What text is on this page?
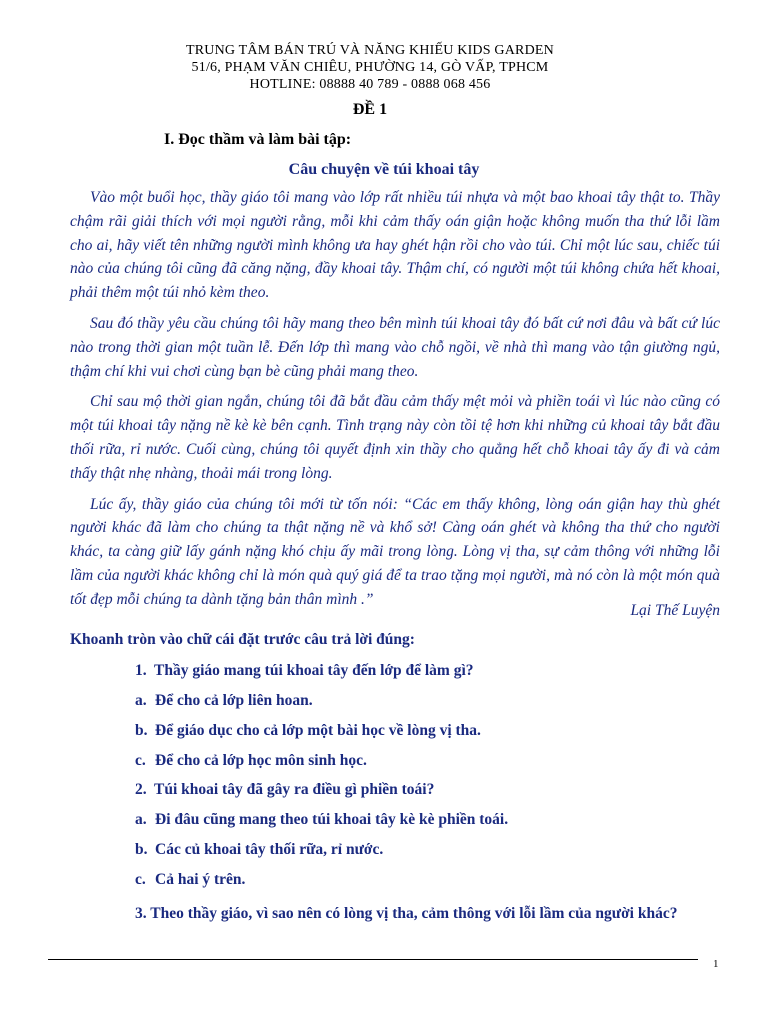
TRUNG TÂM BÁN TRÚ VÀ NĂNG KHIẾU KIDS GARDEN
51/6, PHẠM VĂN CHIÊU, PHƯỜNG 14, GÒ VẤP, TPHCM
HOTLINE: 08888 40 789 - 0888 068 456
ĐỀ 1
I. Đọc thầm và làm bài tập:
Câu chuyện về túi khoai tây

Vào một buổi học, thầy giáo tôi mang vào lớp rất nhiều túi nhựa và một bao khoai tây thật to. Thầy chậm rãi giải thích với mọi người rằng, mỗi khi cảm thấy oán giận hoặc không muốn tha thứ lỗi lầm cho ai, hãy viết tên những người mình không ưa hay ghét hận rồi cho vào túi. Chỉ một lúc sau, chiếc túi nào của chúng tôi cũng đã căng nặng, đầy khoai tây. Thậm chí, có người một túi không chứa hết khoai, phải thêm một túi nhỏ kèm theo.

Sau đó thầy yêu cầu chúng tôi hãy mang theo bên mình túi khoai tây đó bất cứ nơi đâu và bất cứ lúc nào trong thời gian một tuần lễ. Đến lớp thì mang vào chỗ ngồi, về nhà thì mang vào tận giường ngủ, thậm chí khi vui chơi cùng bạn bè cũng phải mang theo.

Chỉ sau mộ thời gian ngắn, chúng tôi đã bắt đầu cảm thấy mệt mỏi và phiền toái vì lúc nào cũng có một túi khoai tây nặng nề kè kè bên cạnh. Tình trạng này còn tồi tệ hơn khi những củ khoai tây bắt đầu thối rữa, rỉ nước. Cuối cùng, chúng tôi quyết định xin thầy cho quẳng hết chỗ khoai tây ấy đi và cảm thấy thật nhẹ nhàng, thoải mái trong lòng.

Lúc ấy, thầy giáo của chúng tôi mới từ tốn nói: “Các em thấy không, lòng oán giận hay thù ghét người khác đã làm cho chúng ta thật nặng nề và khổ sở! Càng oán ghét và không tha thứ cho người khác, ta càng giữ lấy gánh nặng khó chịu ấy mãi trong lòng. Lòng vị tha, sự cảm thông với những lỗi lầm của người khác không chỉ là món quà quý giá để ta trao tặng mọi người, mà nó còn là một món quà tốt đẹp mỗi chúng ta dành tặng bản thân mình .”

Lại Thế Luyện
Khoanh tròn vào chữ cái đặt trước câu trả lời đúng:
1. Thầy giáo mang túi khoai tây đến lớp để làm gì?
a. Để cho cả lớp liên hoan.
b. Để giáo dục cho cả lớp một bài học về lòng vị tha.
c. Để cho cả lớp học môn sinh học.
2. Túi khoai tây đã gây ra điều gì phiền toái?
a. Đi đâu cũng mang theo túi khoai tây kè kè phiền toái.
b. Các củ khoai tây thối rữa, rỉ nước.
c. Cả hai ý trên.
3. Theo thầy giáo, vì sao nên có lòng vị tha, cảm thông với lỗi lầm của người khác?
1
